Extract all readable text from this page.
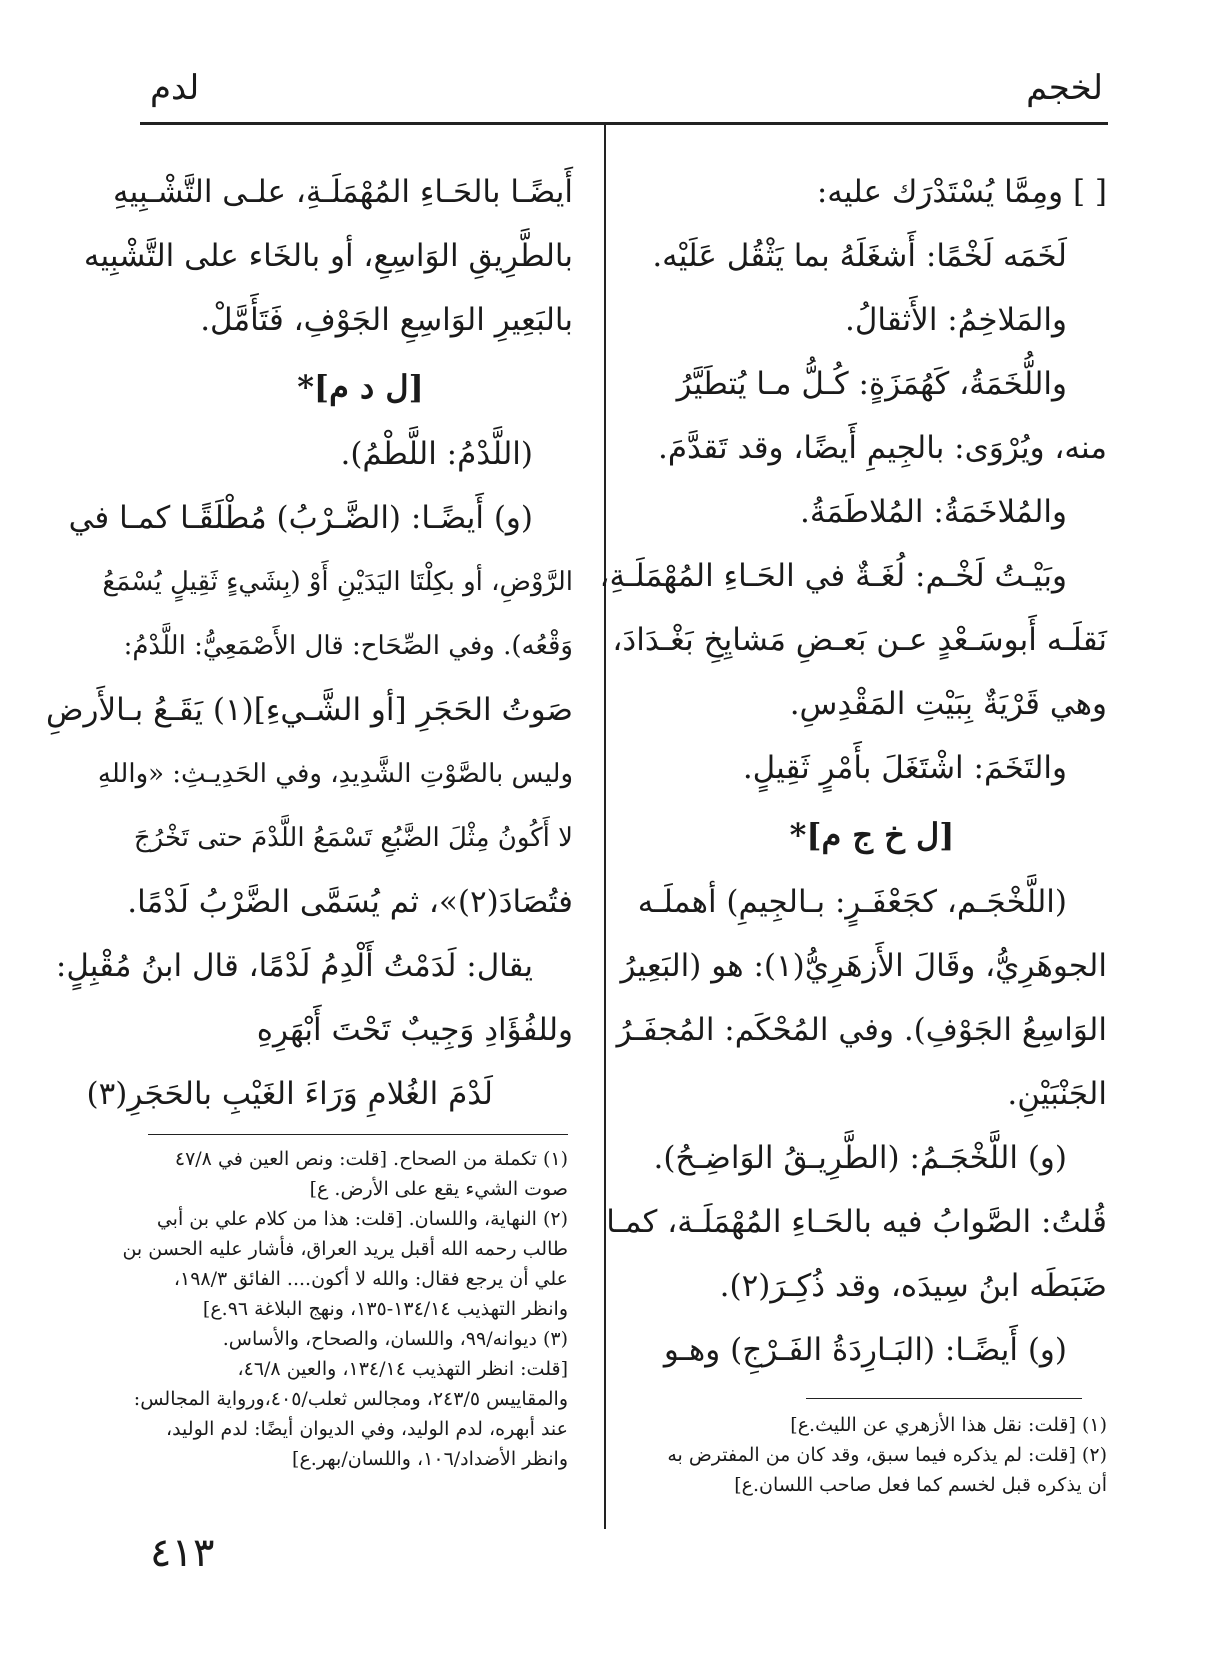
لخجم
لدم
[ ] ومِمَّا يُسْتَدْرَك عليه:
لَخَمَه لَخْمًا: أَشغَلَهُ بما يَثْقُل عَلَيْه.
والمَلاخِمُ: الأَثقالُ.
واللُّخَمَةُ، كَهُمَزَةٍ: كُـلُّ مـا يُتطَيَّرُ
منه، ويُرْوَى: بالجِيمِ أَيضًا، وقد تَقدَّمَ.
والمُلاخَمَةُ: المُلاطَمَةُ.
وبَيْـتُ لَخْـم: لُغَـةٌ في الحَـاءِ المُهْمَلَـةِ،
نَقلَـه أَبوسَـعْدٍ عـن بَعـضِ مَشايِخِ بَغْـدَادَ،
وهي قَرْيَةٌ بِبَيْتِ المَقْدِسِ.
والتَخَمَ: اشْتَغَلَ بأَمْرٍ ثَقِيلٍ.
[ل خ ج م]*
(اللَّخْجَـم، كجَعْفَـرٍ: بـالجِيمِ) أهملَـه
الجوهَرِيُّ، وقَالَ الأَزهَرِيُّ(١): هو (البَعِيرُ
الوَاسِعُ الجَوْفِ). وفي المُحْكَم: المُجفَـرُ
الجَنْبَيْنِ.
(و) اللَّخْجَـمُ: (الطَّرِيـقُ الوَاضِـحُ).
قُلتُ: الصَّوابُ فيه بالحَـاءِ المُهْمَلَـة، كمـا
ضَبَطَه ابنُ سِيدَه، وقد ذُكِـرَ(٢).
(و) أَيضًـا: (البَـارِدَةُ الفَـرْجِ) وهـو
أَيضًـا بالحَـاءِ المُهْمَلَـةِ، علـى التَّشْـبِيهِ
بالطَّرِيقِ الوَاسِعِ، أو بالخَاء على التَّشْبِيه
بالبَعِيرِ الوَاسِعِ الجَوْفِ، فَتَأَمَّلْ.
[ل د م]*
(اللَّدْمُ: اللَّطْمُ).
(و) أَيضًـا: (الضَّـرْبُ) مُطْلَقًـا كمـا في
الرَّوْضِ، أو بكِلْتَا اليَدَيْنِ أَوْ (بِشَيءٍ ثَقِيلٍ يُسْمَعُ
وَقْعُه). وفي الصِّحَاح: قال الأَصْمَعِيُّ: اللَّدْمُ:
صَوتُ الحَجَرِ [أو الشَّـيءِ](١) يَقَـعُ بـالأَرضِ
وليس بالصَّوْتِ الشَّدِيدِ، وفي الحَدِيـثِ: «واللهِ
لا أَكُونُ مِثْلَ الضَّبُعِ تَسْمَعُ اللَّدْمَ حتى تَخْرُجَ
فتُصَادَ(٢)»، ثم يُسَمَّى الضَّرْبُ لَدْمًا.
يقال: لَدَمْتُ أَلْدِمُ لَدْمًا، قال ابنُ مُقْبِلٍ:
وللفُؤَادِ وَجِيبٌ تَحْتَ أَبْهَرِهِ
لَدْمَ الغُلامِ وَرَاءَ الغَيْبِ بالحَجَرِ(٣)
(١) تكملة من الصحاح. [قلت: ونص العين في ٤٧/٨
صوت الشيء يقع على الأرض. ع]
(٢) النهاية، واللسان. [قلت: هذا من كلام علي بن أبي
طالب رحمه الله أقبل يريد العراق، فأشار عليه الحسن بن
علي أن يرجع فقال: والله لا أكون.... الفائق ١٩٨/٣،
وانظر التهذيب ١٣٤/١٤-١٣٥، ونهج البلاغة ٩٦.ع]
(٣) ديوانه/٩٩، واللسان، والصحاح، والأساس.
[قلت: انظر التهذيب ١٣٤/١٤، والعين ٤٦/٨،
والمقاييس ٢٤٣/٥، ومجالس ثعلب/٤٠٥،ورواية المجالس:
عند أبهره، لدم الوليد، وفي الديوان أيضًا: لدم الوليد،
وانظر الأضداد/١٠٦، واللسان/بهر.ع]
(١) [قلت: نقل هذا الأزهري عن الليث.ع]
(٢) [قلت: لم يذكره فيما سبق، وقد كان من المفترض به
أن يذكره قبل لخسم كما فعل صاحب اللسان.ع]
٤١٣
